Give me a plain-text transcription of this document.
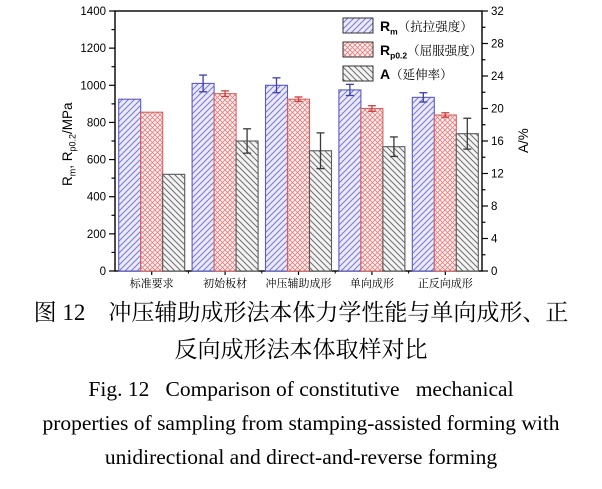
0
200
400
600
800
1000
1200
1400
0
4
8
12
16
20
24
28
32
标准要求	初始板材 冲压辅助成形 单向成形 正反向成形
$R_m$（抗拉强度）
$R_{p0.2}$（屈服强度）
A（延伸率）
$R_m$, $R_{p0.2}$/MPa
A/%
图 12　冲压辅助成形法本体力学性能与单向成形、正
反向成形法本体取样对比
Fig. 12   Comparison of constitutive   mechanical
properties of sampling from stamping-assisted forming with
unidirectional and direct-and-reverse forming
